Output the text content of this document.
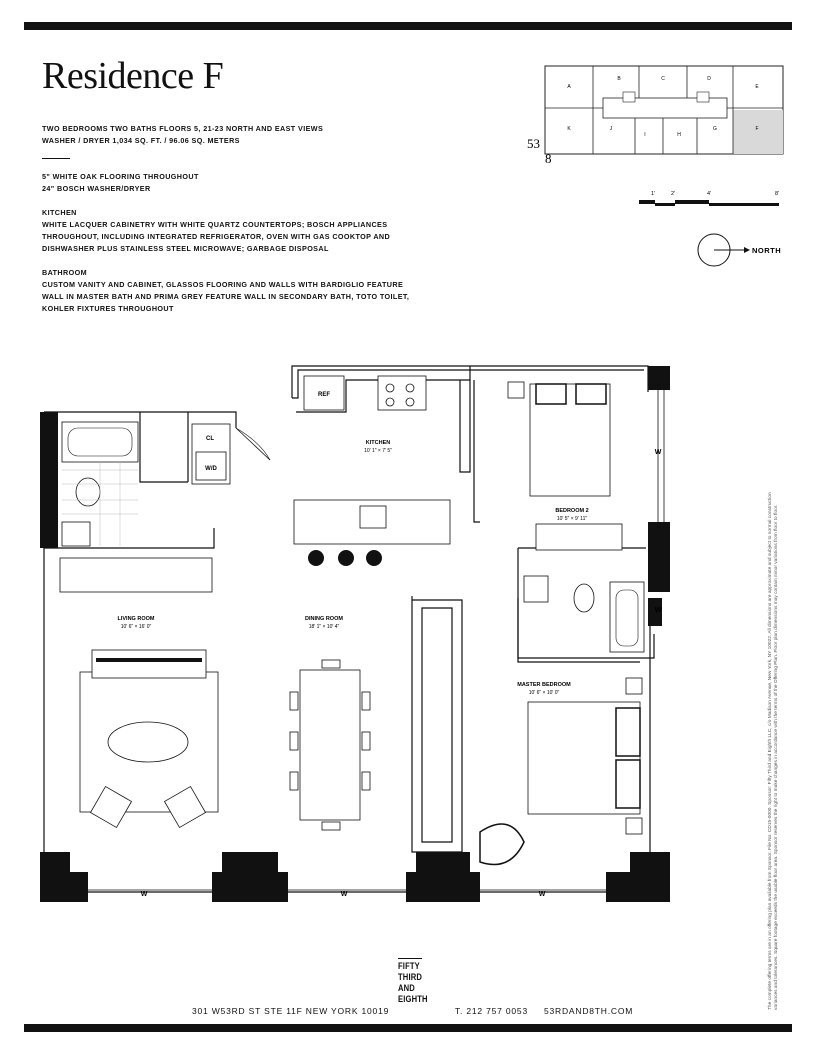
Residence F
TWO BEDROOMS TWO BATHS FLOORS 5, 21-23 NORTH AND EAST VIEWS
WASHER / DRYER 1,034 SQ. FT. / 96.06 SQ. METERS
5" WHITE OAK FLOORING THROUGHOUT
24" BOSCH WASHER/DRYER
KITCHEN
WHITE LACQUER CABINETRY WITH WHITE QUARTZ COUNTERTOPS; BOSCH APPLIANCES
THROUGHOUT, INCLUDING INTEGRATED REFRIGERATOR, OVEN WITH GAS COOKTOP AND
DISHWASHER PLUS STAINLESS STEEL MICROWAVE; GARBAGE DISPOSAL
BATHROOM
CUSTOM VANITY AND CABINET, GLASSOS FLOORING AND WALLS WITH BARDIGLIO FEATURE
WALL IN MASTER BATH AND PRIMA GREY FEATURE WALL IN SECONDARY BATH, TOTO TOILET,
KOHLER FIXTURES THROUGHOUT
A
B	C	D
E
K	J
I	H
G	F
53
8
1'	2'	4'	8'
NORTH
W	W	W
W
W
REF
KITCHEN
10' 1" × 7' 5"
CL
W/D
LIVING ROOM
10' 6" × 16' 0"
DINING ROOM
18' 1" × 10' 4"
BEDROOM 2
10' 5" × 9' 11"
MASTER BEDROOM
10' 6" × 10' 0"	The complete offering terms are in an offering plan available from Sponsor. File No. CD15-0000. Sponsor: Fifty Third and Eighth LLC, c/o Madison Avenue, New York, NY 10022. All dimensions are approximate and subject to normal construction variances and tolerances. Square footage exceeds the usable floor area. Sponsor reserves the right to make changes in accordance with the terms of the Offering Plan. Floor plan dimensions may contain minor variations from floor to floor.
FIFTY
THIRD
AND
EIGHTH
301 W53RD ST STE 11F NEW YORK 10019	T. 212 757 0053 53RDAND8TH.COM
